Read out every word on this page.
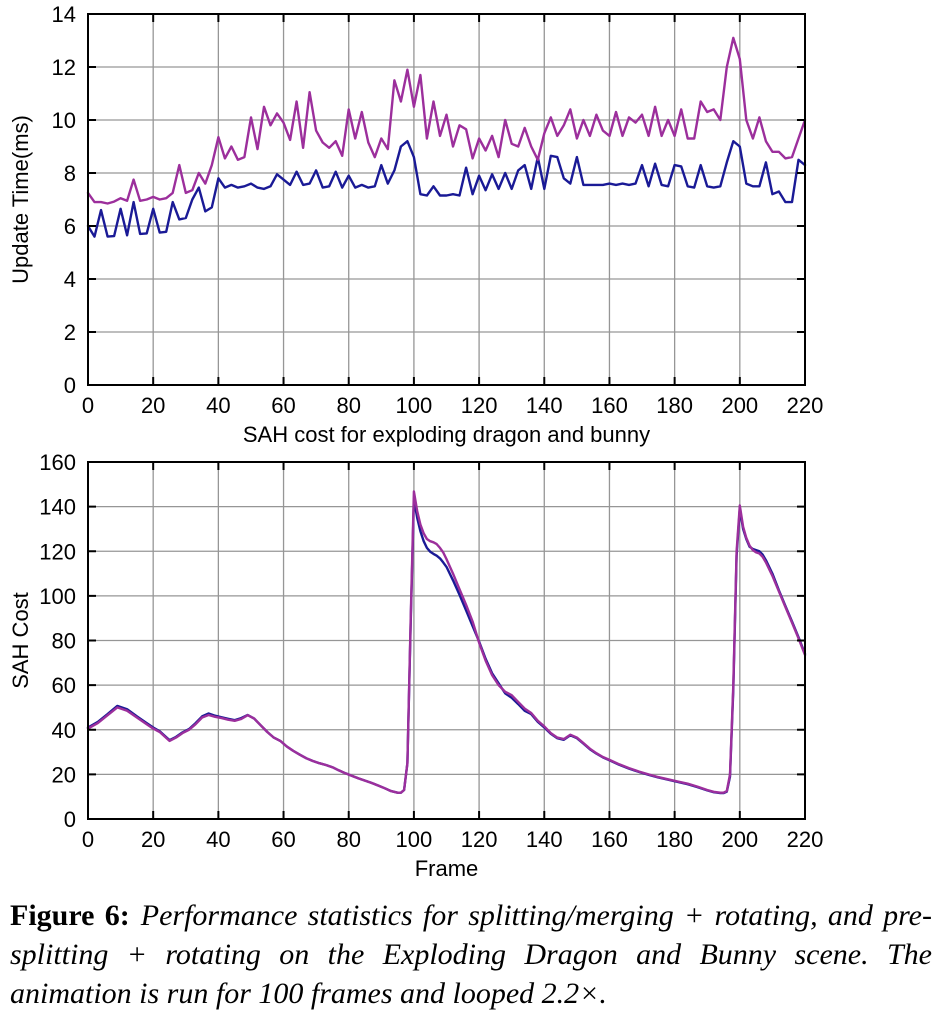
0 20 40 60 80 100 120 140 160 180 200 220
0
2
4
6
8
10
12
14
SAH cost for exploding dragon and bunny
Update Time(ms)
0 20 40 60 80 100 120 140 160 180 200 220
0
20
40
60
80
100
120
140
160
Frame
SAH Cost
Figure 6: Performance statistics for splitting/merging + rotating, and pre-splitting + rotating on the Exploding Dragon and Bunny scene. The animation is run for 100 frames and looped 2.2×.
